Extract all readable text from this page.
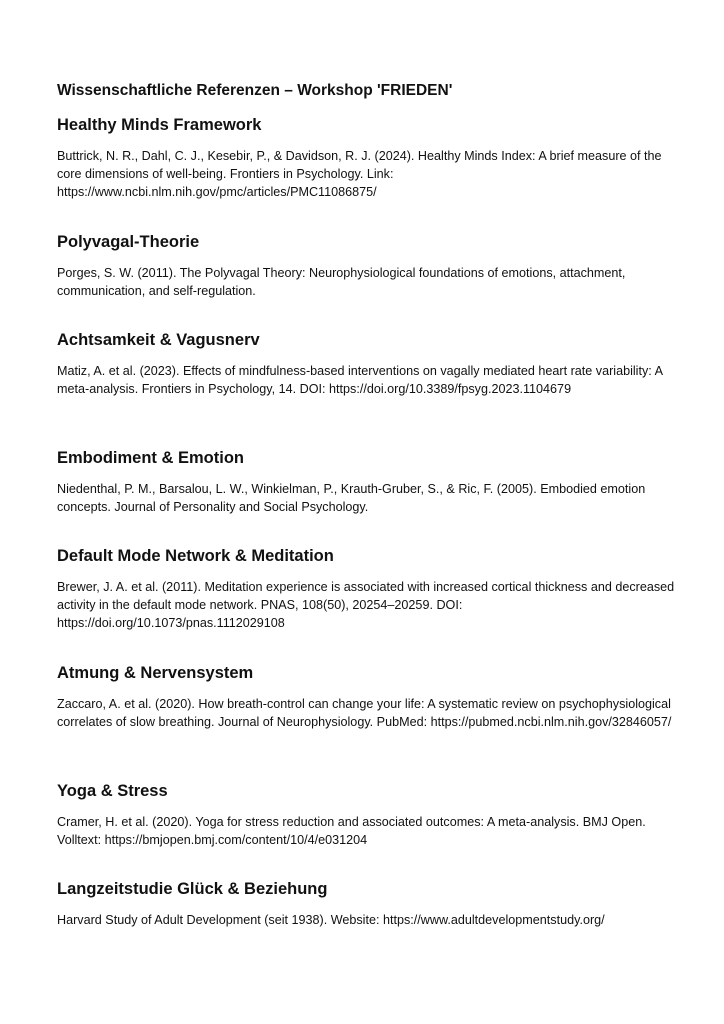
Wissenschaftliche Referenzen – Workshop 'FRIEDEN'
Healthy Minds Framework

Buttrick, N. R., Dahl, C. J., Kesebir, P., & Davidson, R. J. (2024). Healthy Minds Index: A brief measure of the core dimensions of well-being. Frontiers in Psychology. Link: https://www.ncbi.nlm.nih.gov/pmc/articles/PMC11086875/

Polyvagal-Theorie

Porges, S. W. (2011). The Polyvagal Theory: Neurophysiological foundations of emotions, attachment, communication, and self-regulation.

Achtsamkeit & Vagusnerv

Matiz, A. et al. (2023). Effects of mindfulness-based interventions on vagally mediated heart rate variability: A meta-analysis. Frontiers in Psychology, 14. DOI: https://doi.org/10.3389/fpsyg.2023.1104679

Embodiment & Emotion

Niedenthal, P. M., Barsalou, L. W., Winkielman, P., Krauth-Gruber, S., & Ric, F. (2005). Embodied emotion concepts. Journal of Personality and Social Psychology.

Default Mode Network & Meditation

Brewer, J. A. et al. (2011). Meditation experience is associated with increased cortical thickness and decreased activity in the default mode network. PNAS, 108(50), 20254–20259. DOI: https://doi.org/10.1073/pnas.1112029108

Atmung & Nervensystem

Zaccaro, A. et al. (2020). How breath-control can change your life: A systematic review on psychophysiological correlates of slow breathing. Journal of Neurophysiology. PubMed: https://pubmed.ncbi.nlm.nih.gov/32846057/

Yoga & Stress

Cramer, H. et al. (2020). Yoga for stress reduction and associated outcomes: A meta-analysis. BMJ Open. Volltext: https://bmjopen.bmj.com/content/10/4/e031204

Langzeitstudie Glück & Beziehung

Harvard Study of Adult Development (seit 1938). Website: https://www.adultdevelopmentstudy.org/
